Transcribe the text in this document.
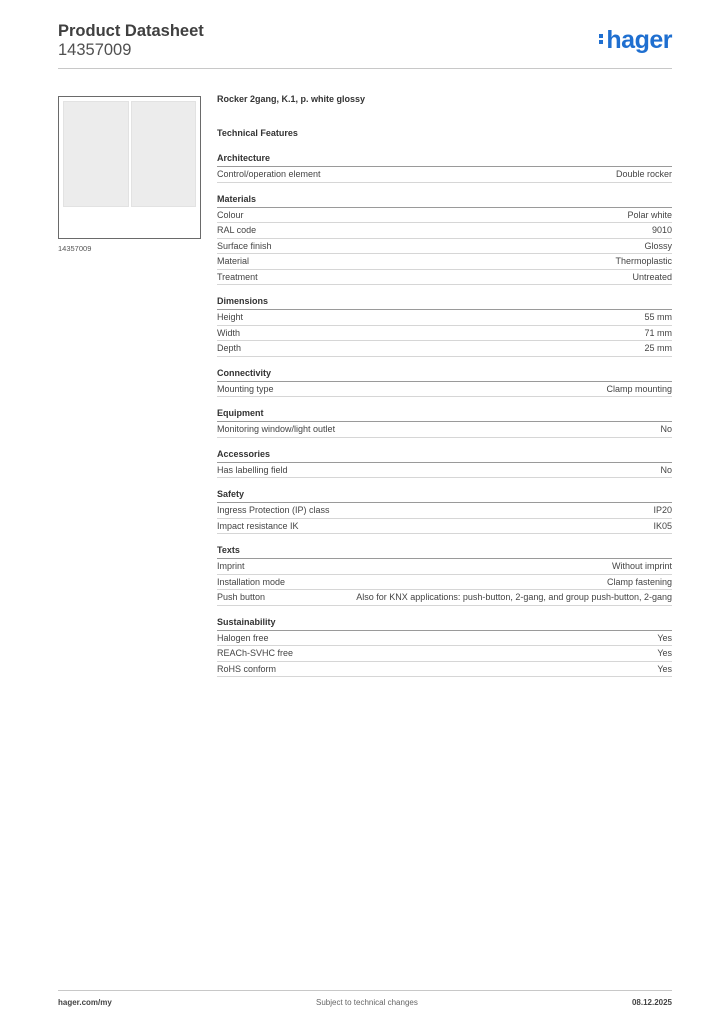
Product Datasheet
14357009	hager
14357009
Rocker 2gang, K.1, p. white glossy
Technical Features
Architecture
Control/operation element	Double rocker
Materials
Colour	Polar white
RAL code	9010
Surface finish	Glossy
Material	Thermoplastic
Treatment	Untreated
Dimensions
Height	55 mm
Width	71 mm
Depth	25 mm
Connectivity
Mounting type	Clamp mounting
Equipment
Monitoring window/light outlet	No
Accessories
Has labelling field	No
Safety
Ingress Protection (IP) class	IP20
Impact resistance IK	IK05
Texts
Imprint	Without imprint
Installation mode	Clamp fastening
Push button	Also for KNX applications: push-button, 2-gang, and group push-button, 2-gang
Sustainability
Halogen free	Yes
REACh-SVHC free	Yes
RoHS conform	Yes
hager.com/my	Subject to technical changes	08.12.2025
